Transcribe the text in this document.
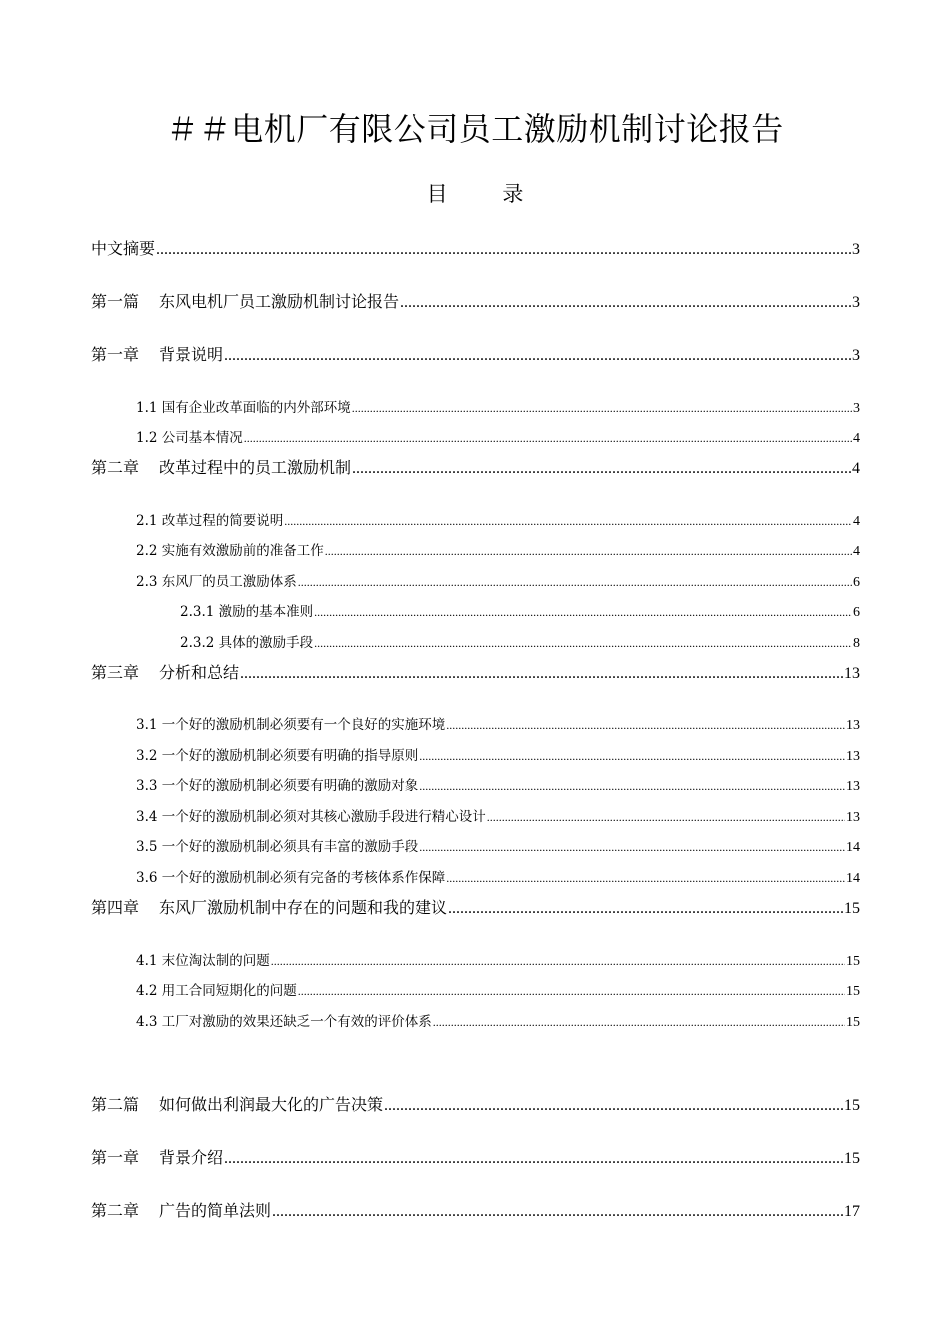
＃＃电机厂有限公司员工激励机制讨论报告
目 录
中文摘要 .....	3
第一篇 东风电机厂员工激励机制讨论报告 .....	3
第一章 背景说明 .....	3
1.1 国有企业改革面临的内外部环境 .....	3
1.2 公司基本情况 .....	4
第二章 改革过程中的员工激励机制 .....	4
2.1 改革过程的简要说明 .....	4
2.2 实施有效激励前的准备工作 .....	4
2.3 东风厂的员工激励体系 .....	6
2.3.1 激励的基本准则 .....	6
2.3.2 具体的激励手段 .....	8
第三章 分析和总结 .....	13
3.1 一个好的激励机制必须要有一个良好的实施环境 .....	13
3.2 一个好的激励机制必须要有明确的指导原则 .....	13
3.3 一个好的激励机制必须要有明确的激励对象 .....	13
3.4 一个好的激励机制必须对其核心激励手段进行精心设计 .....	13
3.5 一个好的激励机制必须具有丰富的激励手段 .....	14
3.6 一个好的激励机制必须有完备的考核体系作保障 .....	14
第四章 东风厂激励机制中存在的问题和我的建议 .....	15
4.1 末位淘汰制的问题 .....	15
4.2 用工合同短期化的问题 .....	15
4.3 工厂对激励的效果还缺乏一个有效的评价体系 .....	15
第二篇 如何做出利润最大化的广告决策 .....	15
第一章 背景介绍 .....	15
第二章 广告的简单法则 .....	17
